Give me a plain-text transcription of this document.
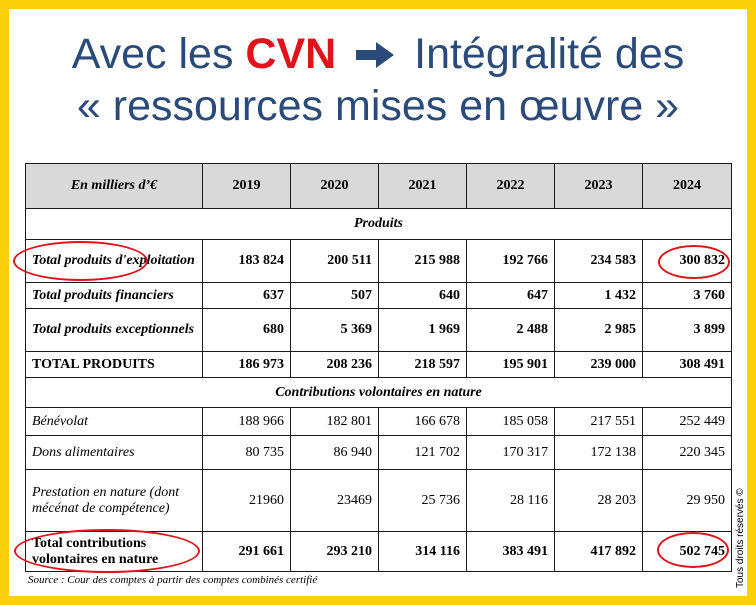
Avec les CVN Intégralité des
« ressources mises en œuvre »
En milliers d’€	2019	2020	2021	2022	2023	2024
Produits						
Total produits d'exploitation	183 824	200 511	215 988	192 766	234 583	300 832
Total produits financiers	637	507	640	647	1 432	3 760
Total produits exceptionnels	680	5 369	1 969	2 488	2 985	3 899
TOTAL PRODUITS	186 973	208 236	218 597	195 901	239 000	308 491
Contributions volontaires en nature						
Bénévolat	188 966	182 801	166 678	185 058	217 551	252 449
Dons alimentaires	80 735	86 940	121 702	170 317	172 138	220 345
Prestation en nature (dont mécénat de compétence)	21960	23469	25 736	28 116	28 203	29 950
Total contributions volontaires en nature	291 661	293 210	314 116	383 491	417 892	502 745
Source : Cour des comptes à partir des comptes combinés certifié	Tous droits réservés ©
